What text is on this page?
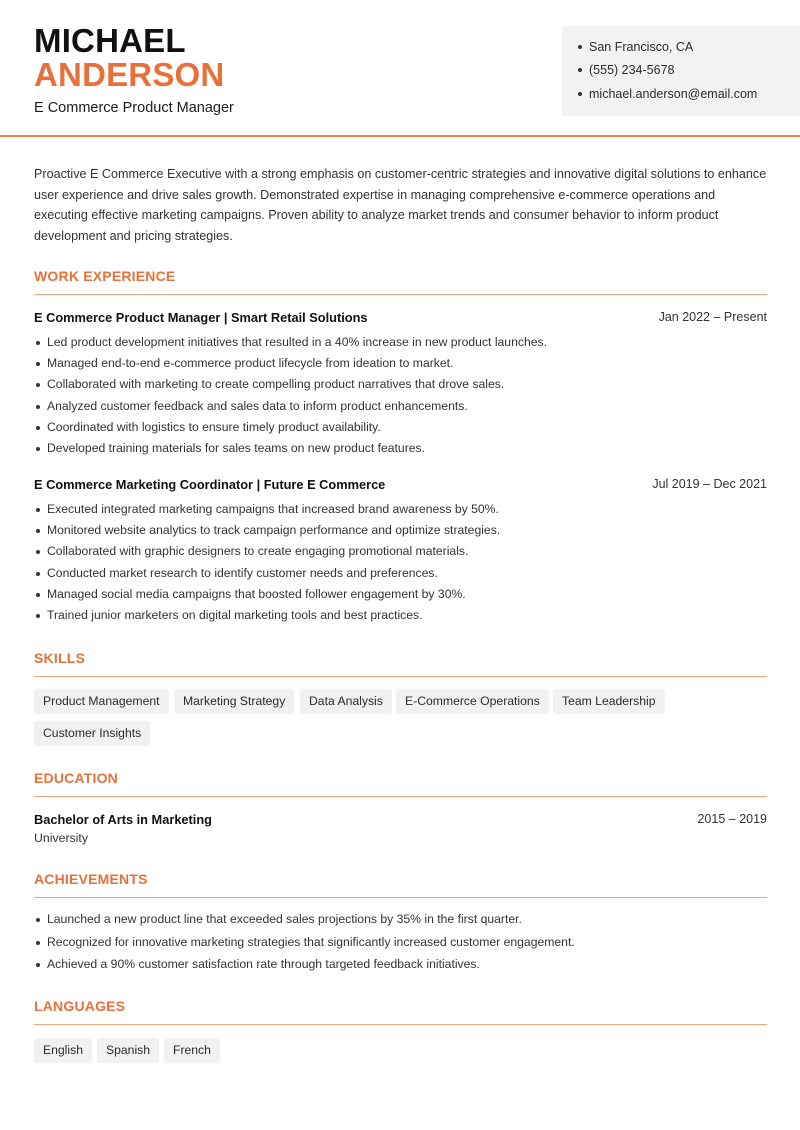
MICHAEL
ANDERSON
E Commerce Product Manager
San Francisco, CA
(555) 234-5678
michael.anderson@email.com

Proactive E Commerce Executive with a strong emphasis on customer-centric strategies and innovative digital solutions to enhance user experience and drive sales growth. Demonstrated expertise in managing comprehensive e-commerce operations and executing effective marketing campaigns. Proven ability to analyze market trends and consumer behavior to inform product development and pricing strategies.

WORK EXPERIENCE
E Commerce Product Manager | Smart Retail Solutions	Jan 2022 – Present
Led product development initiatives that resulted in a 40% increase in new product launches.
Managed end-to-end e-commerce product lifecycle from ideation to market.
Collaborated with marketing to create compelling product narratives that drove sales.
Analyzed customer feedback and sales data to inform product enhancements.
Coordinated with logistics to ensure timely product availability.
Developed training materials for sales teams on new product features.
E Commerce Marketing Coordinator | Future E Commerce	Jul 2019 – Dec 2021
Executed integrated marketing campaigns that increased brand awareness by 50%.
Monitored website analytics to track campaign performance and optimize strategies.
Collaborated with graphic designers to create engaging promotional materials.
Conducted market research to identify customer needs and preferences.
Managed social media campaigns that boosted follower engagement by 30%.
Trained junior marketers on digital marketing tools and best practices.
SKILLS
Product Management	Marketing Strategy	Data Analysis	E-Commerce Operations	Team Leadership
Customer Insights
EDUCATION
Bachelor of Arts in Marketing	2015 – 2019
University
ACHIEVEMENTS
Launched a new product line that exceeded sales projections by 35% in the first quarter.
Recognized for innovative marketing strategies that significantly increased customer engagement.
Achieved a 90% customer satisfaction rate through targeted feedback initiatives.
LANGUAGES
English	Spanish	French
